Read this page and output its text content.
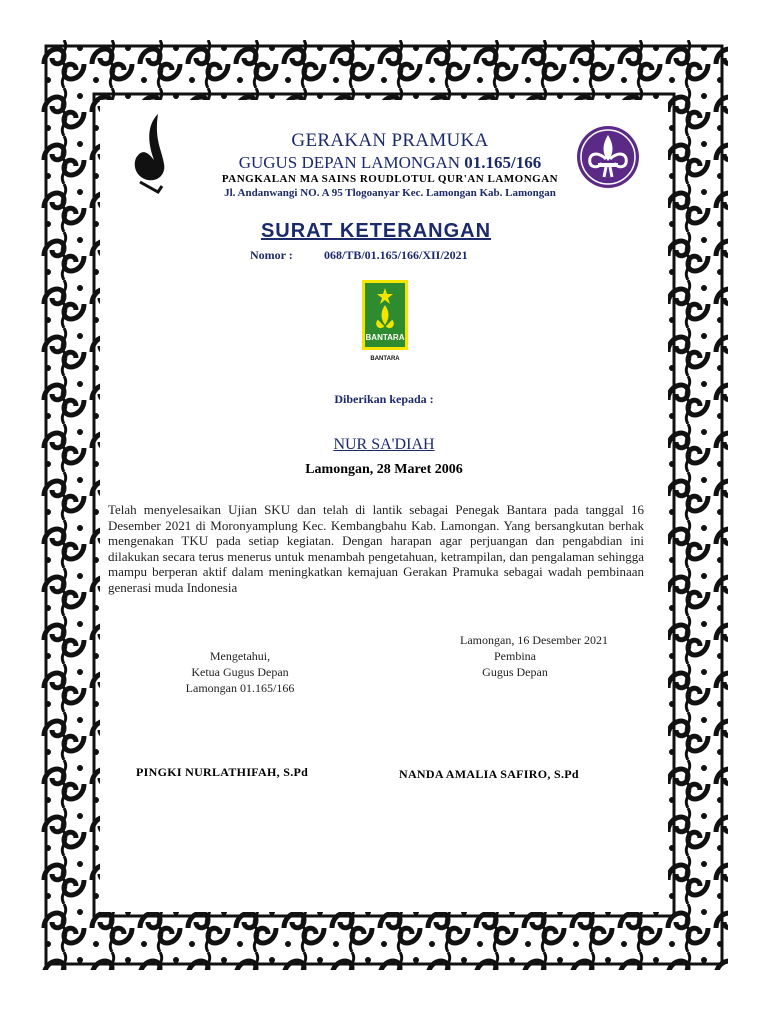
GERAKAN PRAMUKA
GUGUS DEPAN LAMONGAN 01.165/166
PANGKALAN MA SAINS ROUDLOTUL QUR'AN LAMONGAN
Jl. Andanwangi NO. A 95 Tlogoanyar Kec. Lamongan Kab. Lamongan
SURAT KETERANGAN
Nomor :	068/TB/01.165/166/XII/2021
BANTARA
BANTARA
Diberikan kepada :
NUR SA'DIAH
Lamongan, 28 Maret 2006
Telah menyelesaikan Ujian SKU dan telah di lantik sebagai Penegak Bantara pada tanggal 16 Desember 2021 di Moronyamplung Kec. Kembangbahu Kab. Lamongan. Yang bersangkutan berhak mengenakan TKU pada setiap kegiatan. Dengan harapan agar perjuangan dan pengabdian ini dilakukan secara terus menerus untuk menambah pengetahuan, ketrampilan, dan pengalaman sehingga mampu berperan aktif dalam meningkatkan kemajuan Gerakan Pramuka sebagai wadah pembinaan generasi muda Indonesia
Lamongan, 16 Desember 2021
Mengetahui,
Ketua Gugus Depan
Lamongan 01.165/166
Pembina
Gugus Depan
PINGKI NURLATHIFAH, S.Pd	NANDA AMALIA SAFIRO, S.Pd
